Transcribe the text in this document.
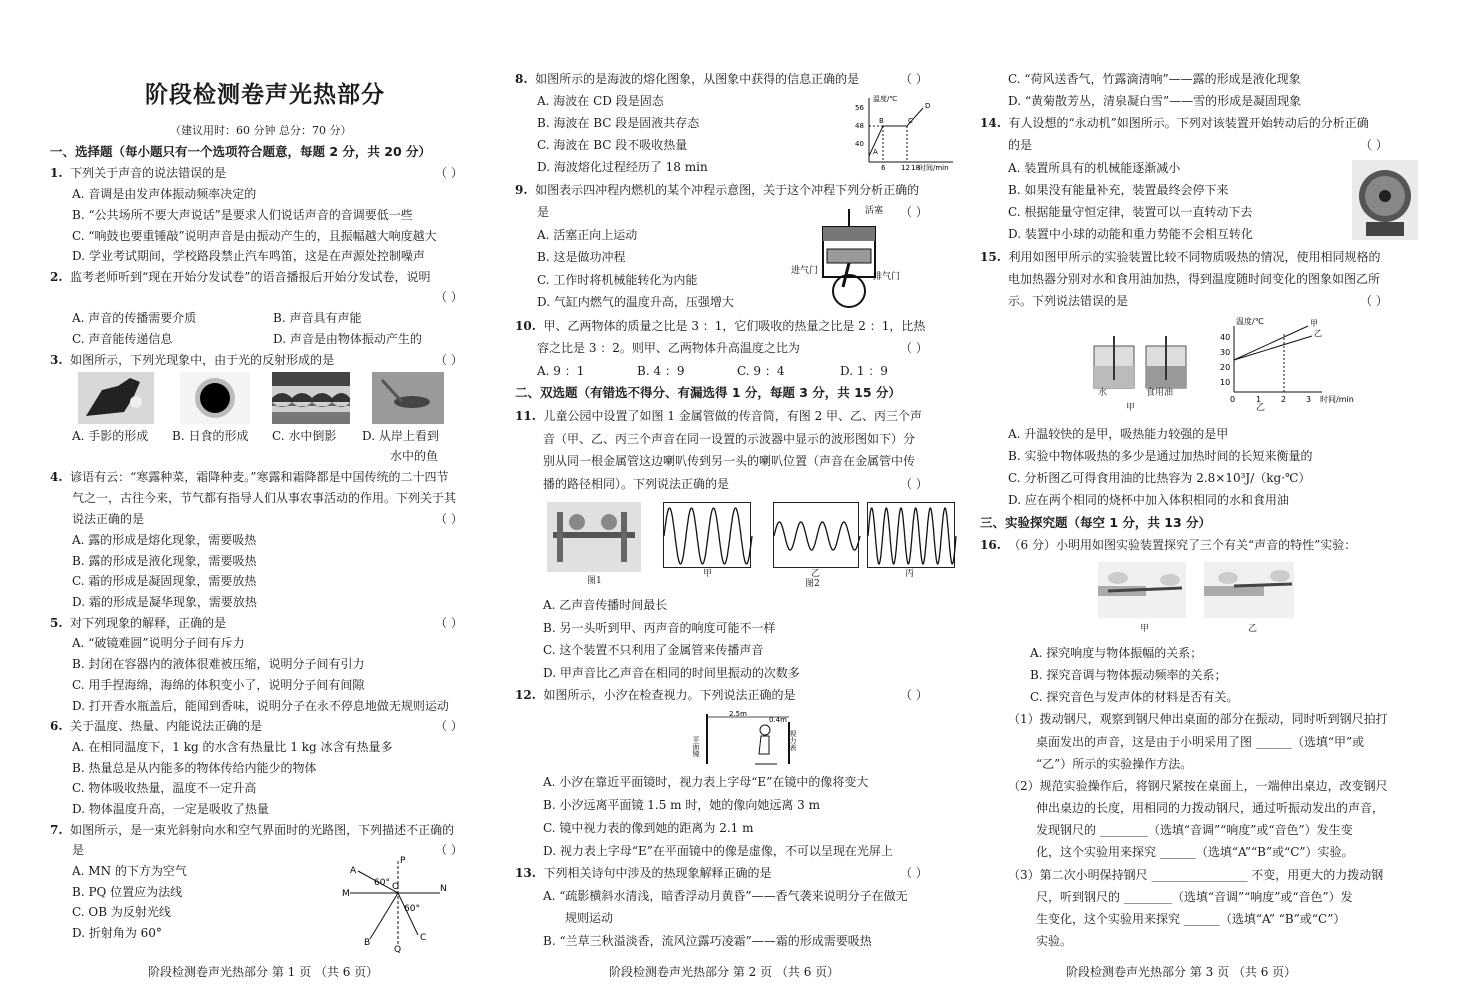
阶段检测卷声光热部分
（建议用时：60 分钟 总分：70 分）
一、选择题（每小题只有一个选项符合题意，每题 2 分，共 20 分）
1. 下列关于声音的说法错误的是	（ ）
A. 音调是由发声体振动频率决定的
B. “公共场所不要大声说话”是要求人们说话声音的音调要低一些
C. “响鼓也要重锤敲”说明声音是由振动产生的，且振幅越大响度越大
D. 学业考试期间，学校路段禁止汽车鸣笛，这是在声源处控制噪声
2. 监考老师听到“现在开始分发试卷”的语音播报后开始分发试卷，说明
（ ）
A. 声音的传播需要介质	B. 声音具有声能
C. 声音能传递信息	D. 声音是由物体振动产生的
3. 如图所示，下列光现象中，由于光的反射形成的是	（ ）
A. 手影的形成 B. 日食的形成 C. 水中倒影 D. 从岸上看到
水中的鱼
4. 谚语有云：“寒露种菜，霜降种麦。”寒露和霜降都是中国传统的二十四节
气之一，古往今来，节气都有指导人们从事农事活动的作用。下列关于其
说法正确的是	（ ）
A. 露的形成是熔化现象，需要吸热
B. 露的形成是液化现象，需要吸热
C. 霜的形成是凝固现象，需要放热
D. 霜的形成是凝华现象，需要放热
5. 对下列现象的解释，正确的是	（ ）
A. “破镜难圆”说明分子间有斥力
B. 封闭在容器内的液体很难被压缩，说明分子间有引力
C. 用手捏海绵，海绵的体积变小了，说明分子间有间隙
D. 打开香水瓶盖后，能闻到香味，说明分子在永不停息地做无规则运动
6. 关于温度、热量、内能说法正确的是	（ ）
A. 在相同温度下，1 kg 的水含有热量比 1 kg 冰含有热量多
B. 热量总是从内能多的物体传给内能少的物体
C. 物体吸收热量，温度不一定升高
D. 物体温度升高，一定是吸收了热量
7. 如图所示，是一束光斜射向水和空气界面时的光路图，下列描述不正确的
是	（ ）
A. MN 的下方为空气
B. PQ 位置应为法线
C. OB 为反射光线
D. 折射角为 60°
P
Q
M	N
A
B	C
O
60°
60°
阶段检测卷声光热部分 第 1 页 （共 6 页）
8. 如图所示的是海波的熔化图象，从图象中获得的信息正确的是	（ ）
A. 海波在 CD 段是固态
B. 海波在 BC 段是固液共存态
C. 海波在 BC 段不吸收热量
D. 海波熔化过程经历了 18 min
温度/℃
56
48
40
6 12 18 时间/min
A
B	C
D
9. 如图表示四冲程内燃机的某个冲程示意图，关于这个冲程下列分析正确的
是	（ ）
A. 活塞正向上运动
B. 这是做功冲程
C. 工作时将机械能转化为内能
D. 气缸内燃气的温度升高，压强增大
活塞
进气门
排气门
10. 甲、乙两物体的质量之比是 3 ：1，它们吸收的热量之比是 2 ：1，比热
容之比是 3 ：2。则甲、乙两物体升高温度之比为	（ ）
A. 9 ：1	B. 4 ：9	C. 9 ：4	D. 1 ：9
二、双选题（有错选不得分、有漏选得 1 分，每题 3 分，共 15 分）
11. 儿童公园中设置了如图 1 金属管做的传音筒，有图 2 甲、乙、丙三个声
音（甲、乙、丙三个声音在同一设置的示波器中显示的波形图如下）分
别从同一根金属管这边喇叭传到另一头的喇叭位置（声音在金属管中传
播的路径相同）。下列说法正确的是	（ ）
图1
甲	乙
图2
丙
A. 乙声音传播时间最长
B. 另一头听到甲、丙声音的响度可能不一样
C. 这个装置不只利用了金属管来传播声音
D. 甲声音比乙声音在相同的时间里振动的次数多
12. 如图所示，小汐在检查视力。下列说法正确的是	（ ）
2.5m
0.4m
平面镜	视力表
A. 小汐在靠近平面镜时，视力表上字母“E”在镜中的像将变大
B. 小汐远离平面镜 1.5 m 时，她的像向她远离 3 m
C. 镜中视力表的像到她的距离为 2.1 m
D. 视力表上字母“E”在平面镜中的像是虚像，不可以呈现在光屏上
13. 下列相关诗句中涉及的热现象解释正确的是	（ ）
A. “疏影横斜水清浅，暗香浮动月黄昏”——香气袭来说明分子在做无
规则运动
B. “兰草三秋溢淡香，流风泣露巧凌霜”——霜的形成需要吸热
阶段检测卷声光热部分 第 2 页 （共 6 页）
C. “荷风送香气，竹露滴清响”——露的形成是液化现象
D. “黄菊散芳丛，清泉凝白雪”——雪的形成是凝固现象
14. 有人设想的“永动机”如图所示。下列对该装置开始转动后的分析正确
的是	（ ）
A. 装置所具有的机械能逐渐减小
B. 如果没有能量补充，装置最终会停下来
C. 根据能量守恒定律，装置可以一直转动下去
D. 装置中小球的动能和重力势能不会相互转化
15. 利用如图甲所示的实验装置比较不同物质吸热的情况，使用相同规格的
电加热器分别对水和食用油加热，得到温度随时间变化的图象如图乙所
示。下列说法错误的是	（ ）
水	食用油
甲
温度/℃
40
30
20
10
0	1 2 3 时间/min
甲
乙
乙
A. 升温较快的是甲，吸热能力较强的是甲
B. 实验中物体吸热的多少是通过加热时间的长短来衡量的
C. 分析图乙可得食用油的比热容为 2.8×10³J/（kg·℃）
D. 应在两个相同的烧杯中加入体积相同的水和食用油
三、实验探究题（每空 1 分，共 13 分）
16. （6 分）小明用如图实验装置探究了三个有关“声音的特性”实验：
甲	乙
A. 探究响度与物体振幅的关系；
B. 探究音调与物体振动频率的关系；
C. 探究音色与发声体的材料是否有关。
（1）拨动钢尺，观察到钢尺伸出桌面的部分在振动，同时听到钢尺拍打
桌面发出的声音，这是由于小明采用了图 ______（选填“甲”或
“乙”）所示的实验操作方法。
（2）规范实验操作后，将钢尺紧按在桌面上，一端伸出桌边，改变钢尺
伸出桌边的长度，用相同的力拨动钢尺，通过听振动发出的声音，
发现钢尺的 ________（选填“音调”“响度”或“音色”）发生变
化，这个实验用来探究 ______（选填“A”“B”或“C”）实验。
（3）第二次小明保持钢尺 ________________ 不变，用更大的力拨动钢
尺，听到钢尺的 ________（选填“音调”“响度”或“音色”）发
生变化，这个实验用来探究 ______（选填“A” “B”或“C”）
实验。
阶段检测卷声光热部分 第 3 页 （共 6 页）
